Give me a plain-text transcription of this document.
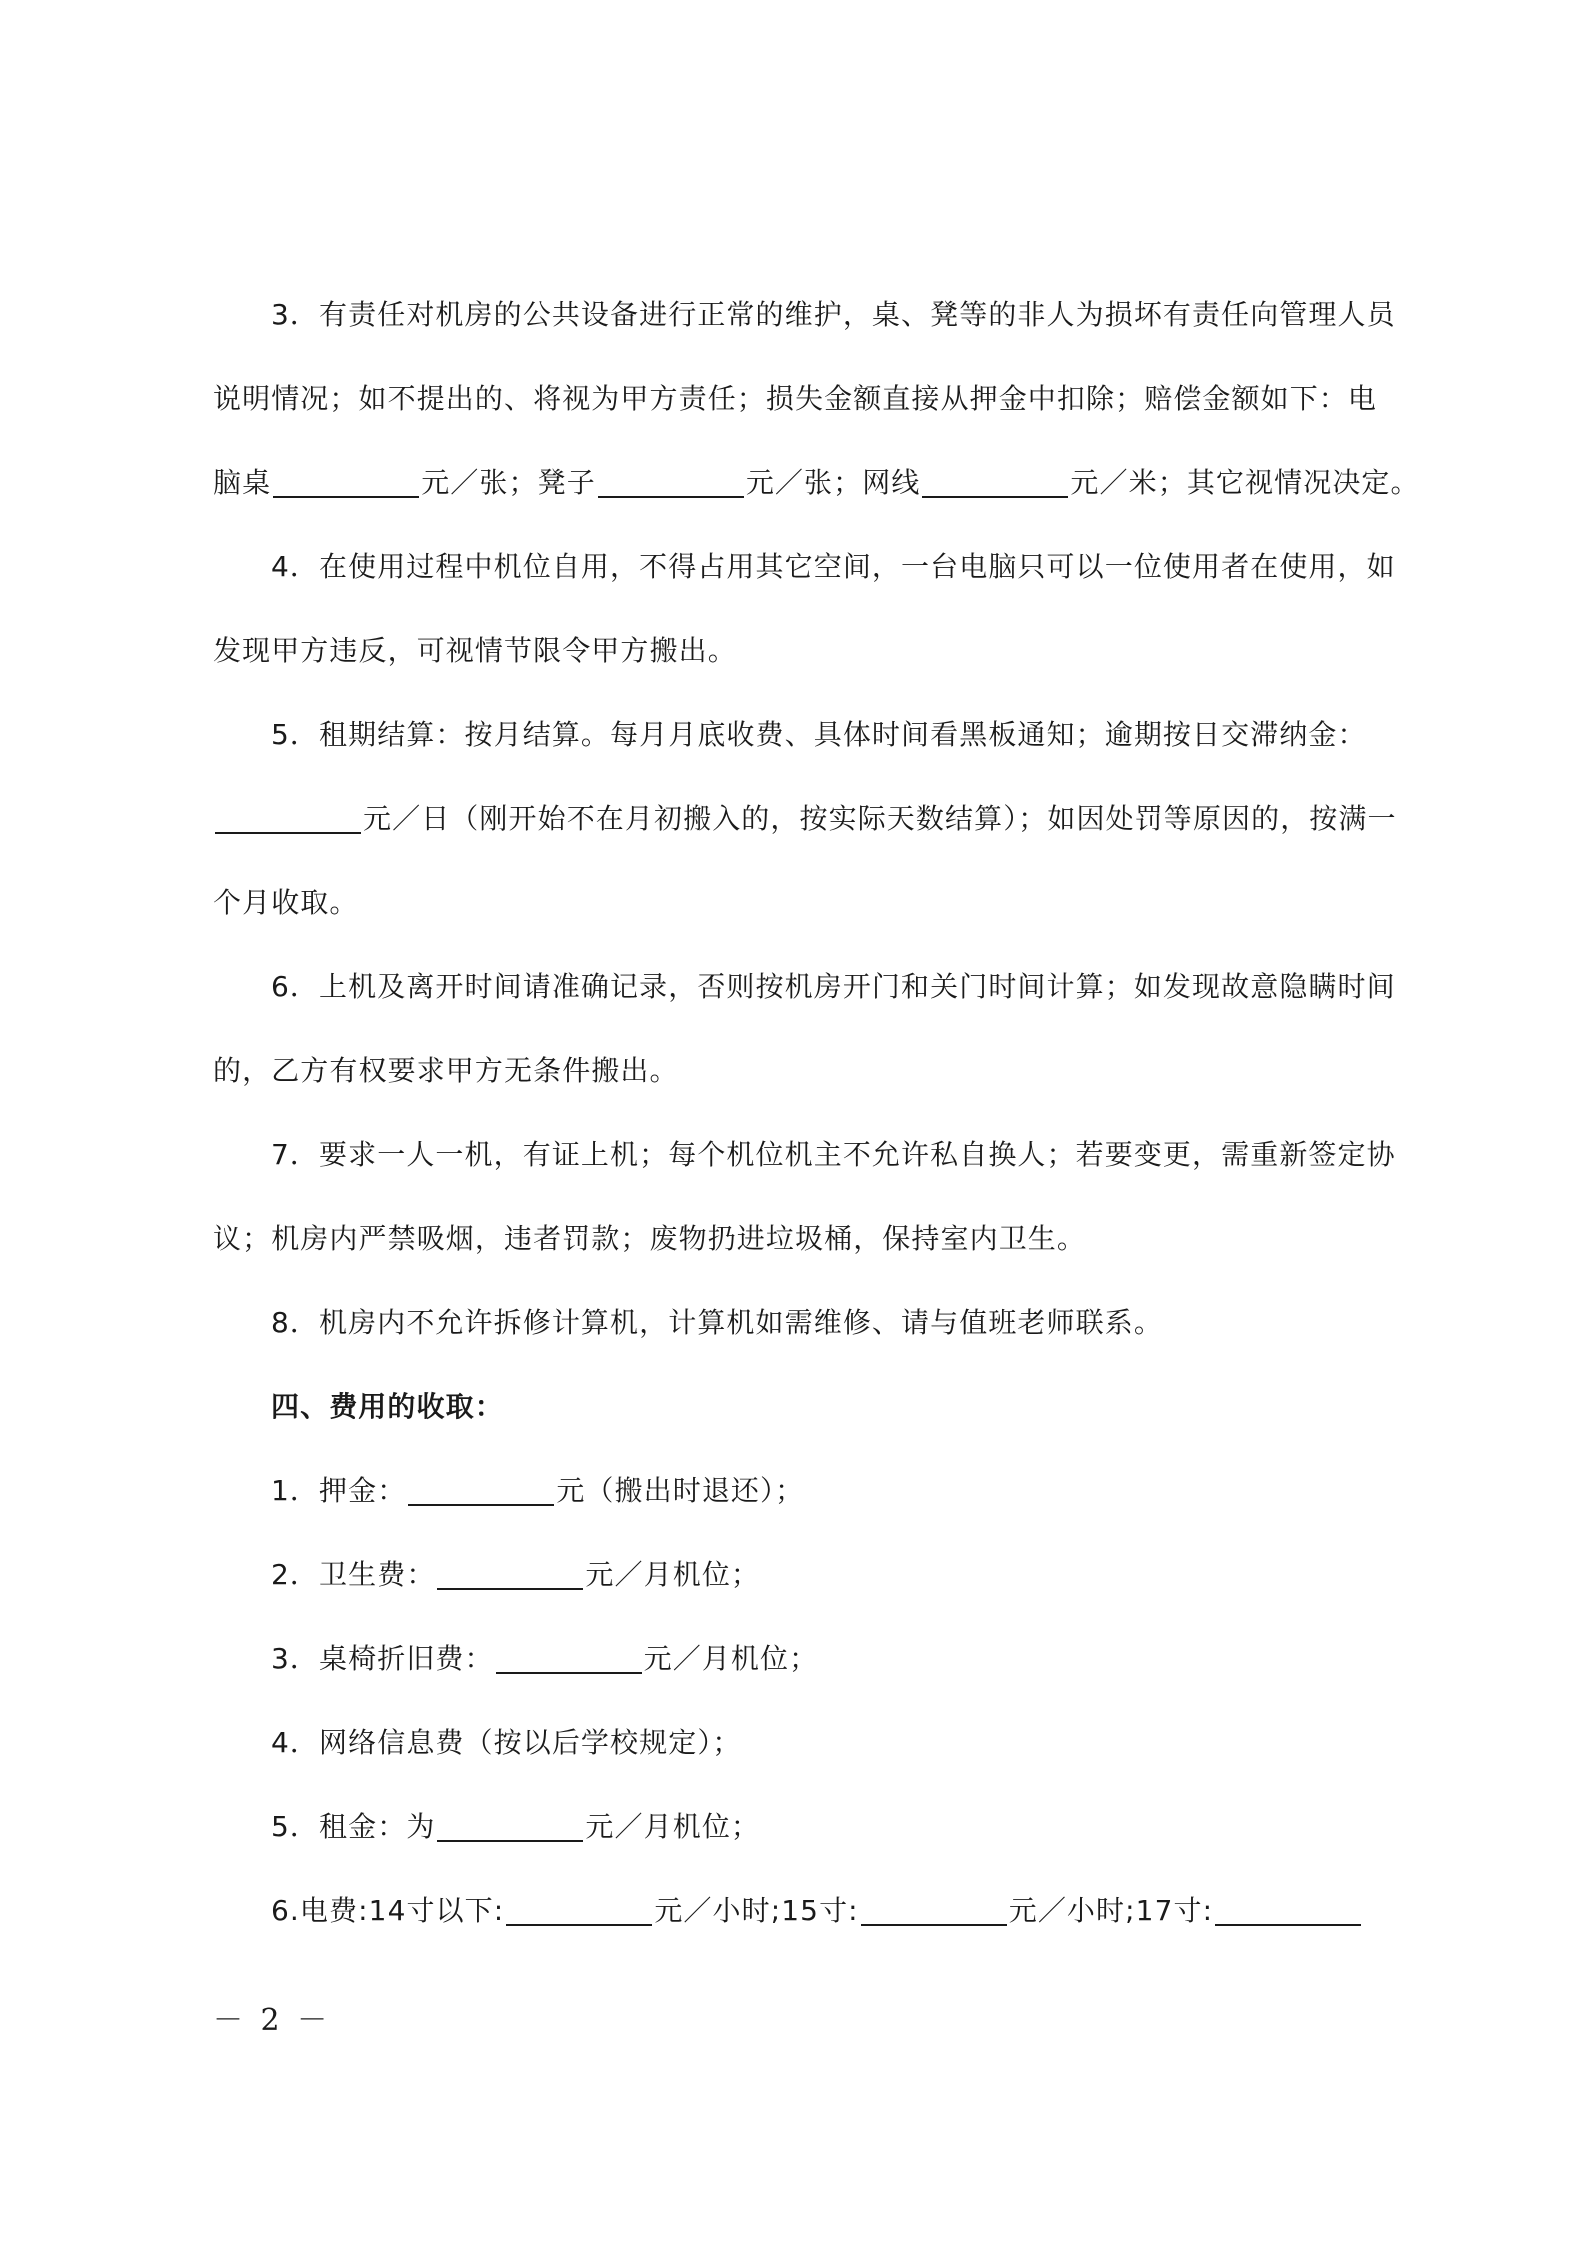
3．有责任对机房的公共设备进行正常的维护，桌、凳等的非人为损坏有责任向管理人员
说明情况；如不提出的、将视为甲方责任；损失金额直接从押金中扣除；赔偿金额如下：电
脑桌	元／张；凳子	元／张；网线	元／米；其它视情况决定。
4．在使用过程中机位自用，不得占用其它空间，一台电脑只可以一位使用者在使用，如
发现甲方违反，可视情节限令甲方搬出。
5．租期结算：按月结算。每月月底收费、具体时间看黑板通知；逾期按日交滞纳金：
元／日（刚开始不在月初搬入的，按实际天数结算）；如因处罚等原因的，按满一
个月收取。
6．上机及离开时间请准确记录，否则按机房开门和关门时间计算；如发现故意隐瞒时间
的，乙方有权要求甲方无条件搬出。
7．要求一人一机，有证上机；每个机位机主不允许私自换人；若要变更，需重新签定协
议；机房内严禁吸烟，违者罚款；废物扔进垃圾桶，保持室内卫生。
8．机房内不允许拆修计算机，计算机如需维修、请与值班老师联系。
四、费用的收取：
1．押金：	元（搬出时退还）；
2．卫生费：	元／月机位；
3．桌椅折旧费：	元／月机位；
4．网络信息费（按以后学校规定）；
5．租金：为	元／月机位；
6.电费:14寸以下:	元／小时;15寸:	元／小时;17寸:
－ 2 －
